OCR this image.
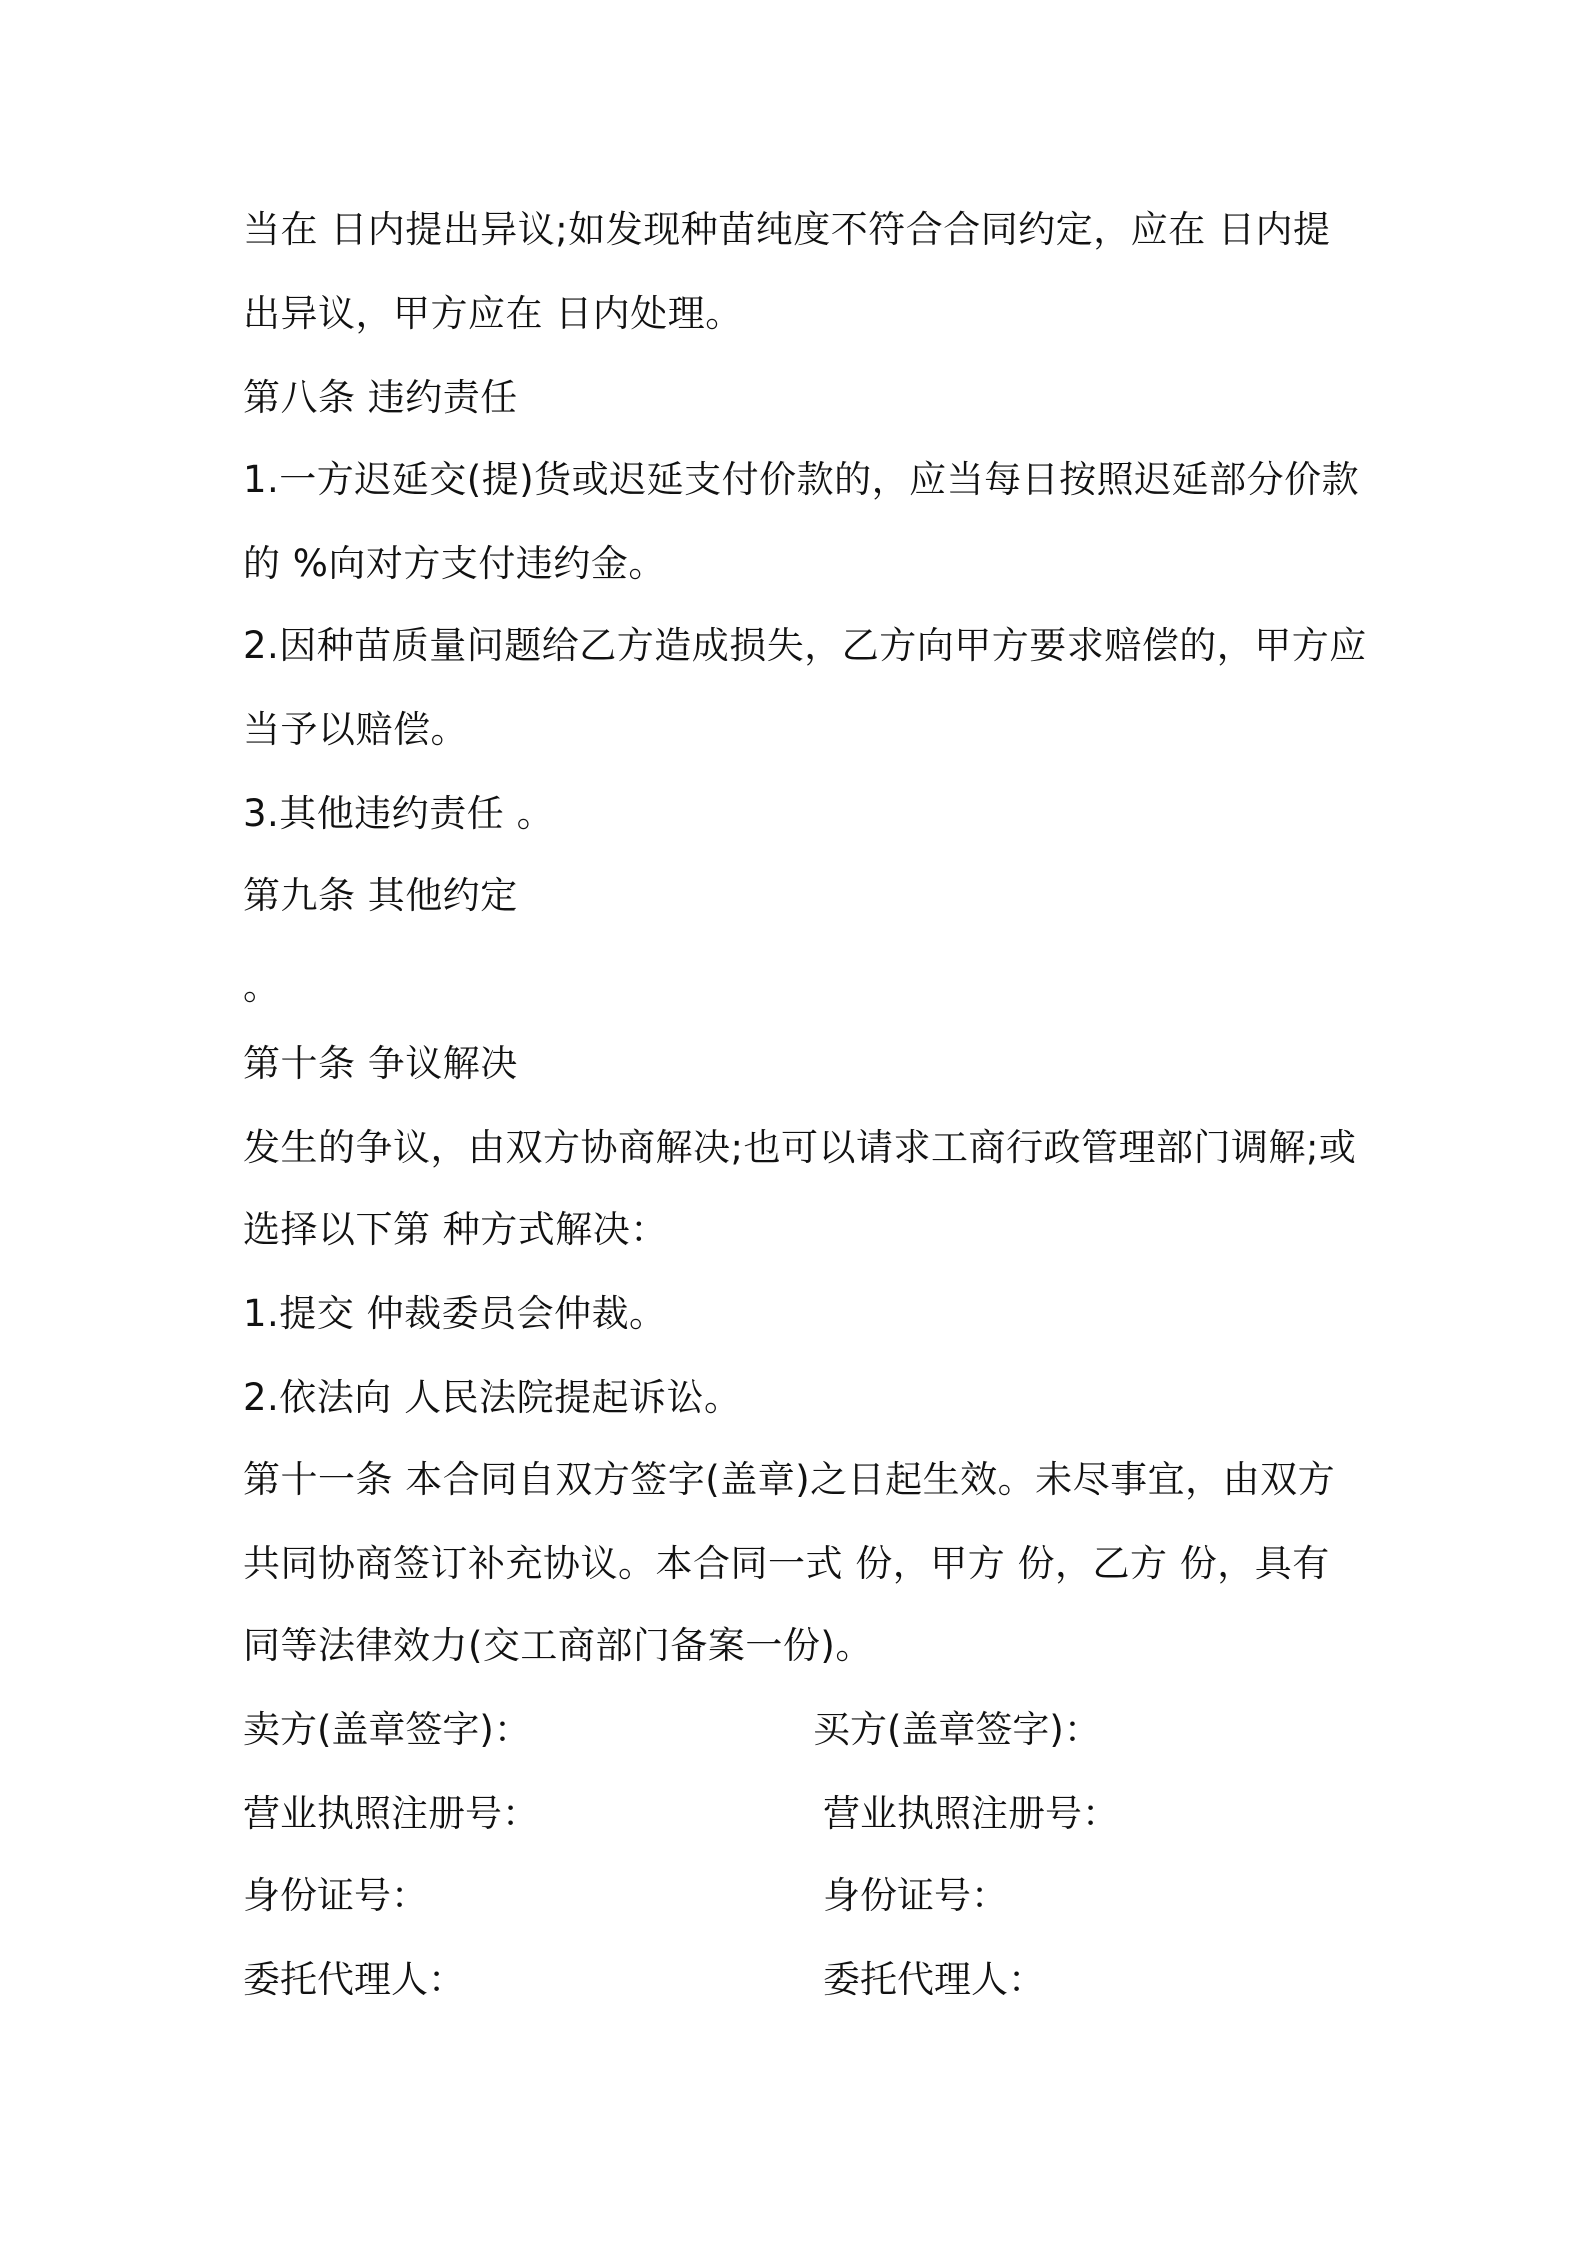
当在 日内提出异议;如发现种苗纯度不符合合同约定，应在 日内提
出异议，甲方应在 日内处理。
第八条 违约责任
1.一方迟延交(提)货或迟延支付价款的，应当每日按照迟延部分价款
的 %向对方支付违约金。
2.因种苗质量问题给乙方造成损失，乙方向甲方要求赔偿的，甲方应
当予以赔偿。
3.其他违约责任 。
第九条 其他约定
。
第十条 争议解决
发生的争议，由双方协商解决;也可以请求工商行政管理部门调解;或
选择以下第 种方式解决：
1.提交 仲裁委员会仲裁。
2.依法向 人民法院提起诉讼。
第十一条 本合同自双方签字(盖章)之日起生效。未尽事宜，由双方
共同协商签订补充协议。本合同一式 份，甲方 份，乙方 份，具有
同等法律效力(交工商部门备案一份)。
卖方(盖章签字)：	买方(盖章签字)：
营业执照注册号：	营业执照注册号：
身份证号：	身份证号：
委托代理人：	委托代理人：
